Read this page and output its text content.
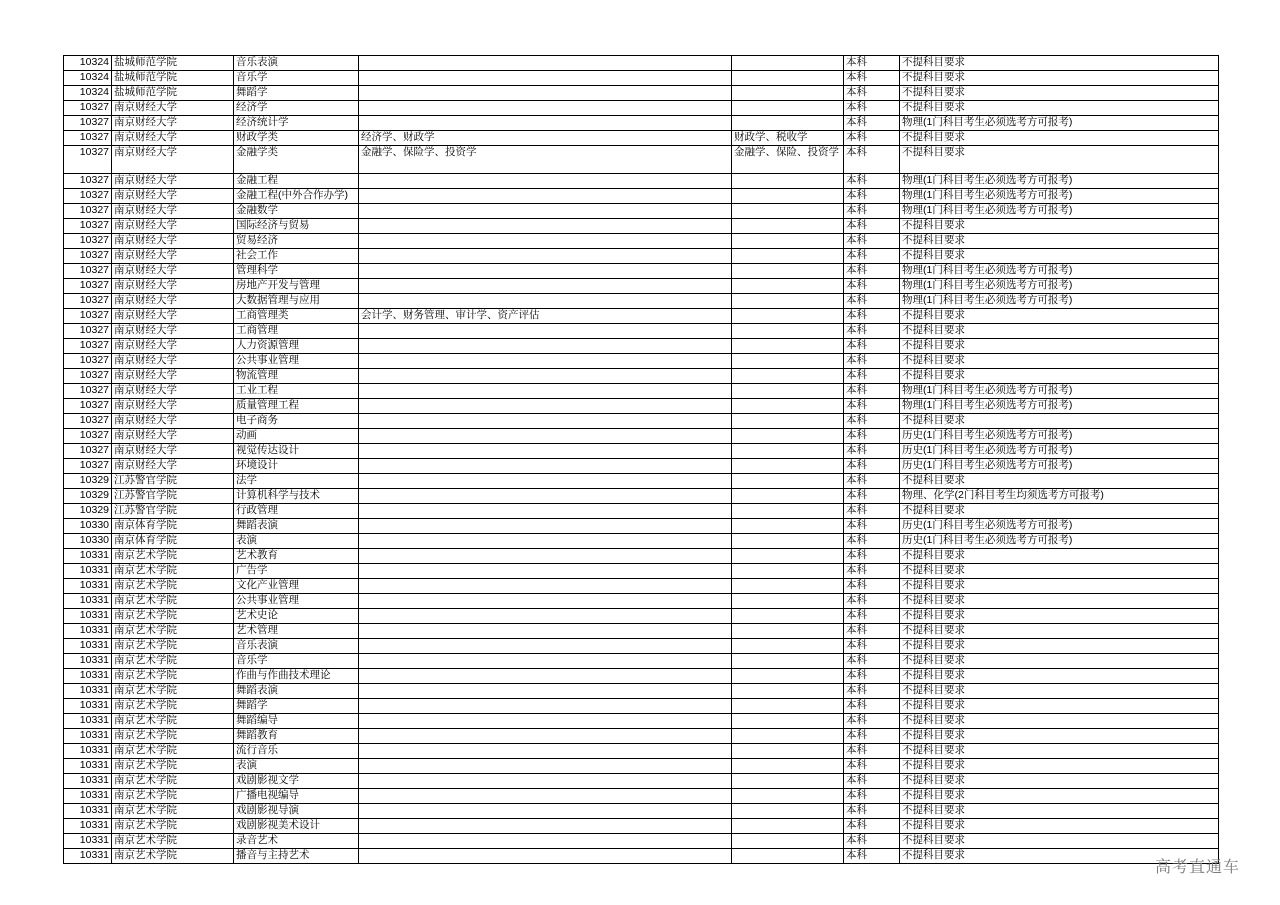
10324	盐城师范学院	音乐表演			本科	不提科目要求
10324	盐城师范学院	音乐学			本科	不提科目要求
10324	盐城师范学院	舞蹈学			本科	不提科目要求
10327	南京财经大学	经济学			本科	不提科目要求
10327	南京财经大学	经济统计学			本科	物理(1门科目考生必须选考方可报考)
10327	南京财经大学	财政学类	经济学、财政学	财政学、税收学	本科	不提科目要求
10327	南京财经大学	金融学类	金融学、保险学、投资学	金融学、保险、投资学	本科	不提科目要求
10327	南京财经大学	金融工程			本科	物理(1门科目考生必须选考方可报考)
10327	南京财经大学	金融工程(中外合作办学)			本科	物理(1门科目考生必须选考方可报考)
10327	南京财经大学	金融数学			本科	物理(1门科目考生必须选考方可报考)
10327	南京财经大学	国际经济与贸易			本科	不提科目要求
10327	南京财经大学	贸易经济			本科	不提科目要求
10327	南京财经大学	社会工作			本科	不提科目要求
10327	南京财经大学	管理科学			本科	物理(1门科目考生必须选考方可报考)
10327	南京财经大学	房地产开发与管理			本科	物理(1门科目考生必须选考方可报考)
10327	南京财经大学	大数据管理与应用			本科	物理(1门科目考生必须选考方可报考)
10327	南京财经大学	工商管理类	会计学、财务管理、审计学、资产评估		本科	不提科目要求
10327	南京财经大学	工商管理			本科	不提科目要求
10327	南京财经大学	人力资源管理			本科	不提科目要求
10327	南京财经大学	公共事业管理			本科	不提科目要求
10327	南京财经大学	物流管理			本科	不提科目要求
10327	南京财经大学	工业工程			本科	物理(1门科目考生必须选考方可报考)
10327	南京财经大学	质量管理工程			本科	物理(1门科目考生必须选考方可报考)
10327	南京财经大学	电子商务			本科	不提科目要求
10327	南京财经大学	动画			本科	历史(1门科目考生必须选考方可报考)
10327	南京财经大学	视觉传达设计			本科	历史(1门科目考生必须选考方可报考)
10327	南京财经大学	环境设计			本科	历史(1门科目考生必须选考方可报考)
10329	江苏警官学院	法学			本科	不提科目要求
10329	江苏警官学院	计算机科学与技术			本科	物理、化学(2门科目考生均须选考方可报考)
10329	江苏警官学院	行政管理			本科	不提科目要求
10330	南京体育学院	舞蹈表演			本科	历史(1门科目考生必须选考方可报考)
10330	南京体育学院	表演			本科	历史(1门科目考生必须选考方可报考)
10331	南京艺术学院	艺术教育			本科	不提科目要求
10331	南京艺术学院	广告学			本科	不提科目要求
10331	南京艺术学院	文化产业管理			本科	不提科目要求
10331	南京艺术学院	公共事业管理			本科	不提科目要求
10331	南京艺术学院	艺术史论			本科	不提科目要求
10331	南京艺术学院	艺术管理			本科	不提科目要求
10331	南京艺术学院	音乐表演			本科	不提科目要求
10331	南京艺术学院	音乐学			本科	不提科目要求
10331	南京艺术学院	作曲与作曲技术理论			本科	不提科目要求
10331	南京艺术学院	舞蹈表演			本科	不提科目要求
10331	南京艺术学院	舞蹈学			本科	不提科目要求
10331	南京艺术学院	舞蹈编导			本科	不提科目要求
10331	南京艺术学院	舞蹈教育			本科	不提科目要求
10331	南京艺术学院	流行音乐			本科	不提科目要求
10331	南京艺术学院	表演			本科	不提科目要求
10331	南京艺术学院	戏剧影视文学			本科	不提科目要求
10331	南京艺术学院	广播电视编导			本科	不提科目要求
10331	南京艺术学院	戏剧影视导演			本科	不提科目要求
10331	南京艺术学院	戏剧影视美术设计			本科	不提科目要求
10331	南京艺术学院	录音艺术			本科	不提科目要求
10331	南京艺术学院	播音与主持艺术			本科	不提科目要求
高考直通车
